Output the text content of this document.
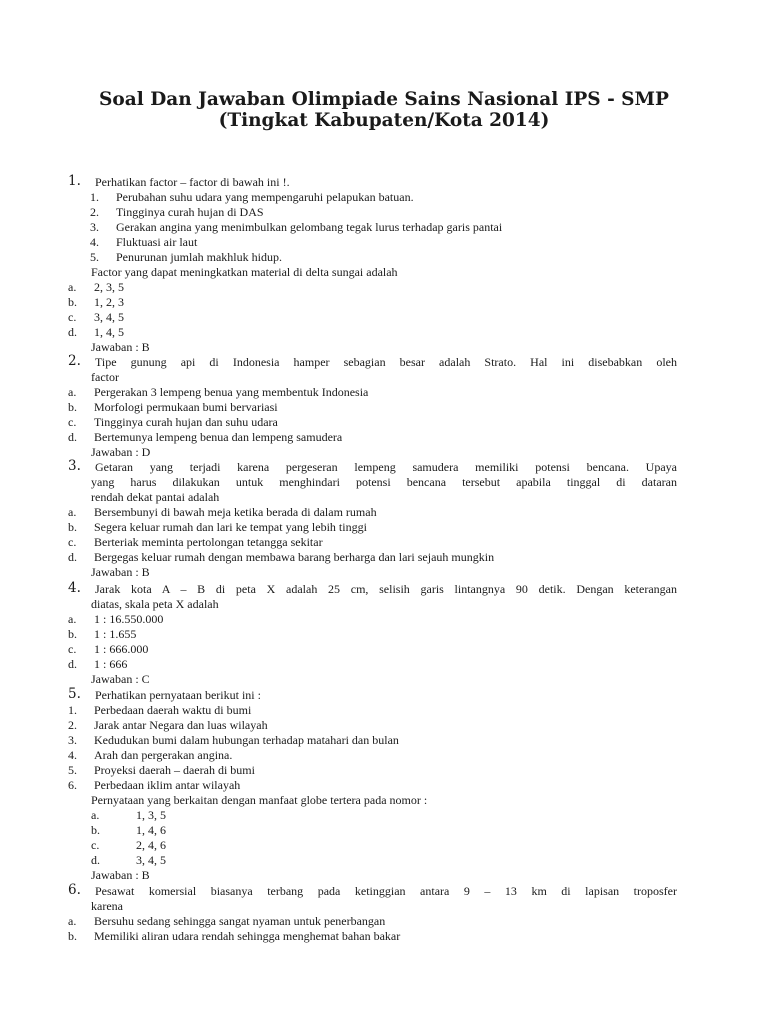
Soal Dan Jawaban Olimpiade Sains Nasional IPS - SMP
(Tingkat Kabupaten/Kota 2014)
1. Perhatikan factor – factor di bawah ini !.
1. Perubahan suhu udara yang mempengaruhi pelapukan batuan.
2. Tingginya curah hujan di DAS
3. Gerakan angina yang menimbulkan gelombang tegak lurus terhadap garis pantai
4. Fluktuasi air laut
5. Penurunan jumlah makhluk hidup.
Factor yang dapat meningkatkan material di delta sungai adalah
a. 2, 3, 5
b. 1, 2, 3
c. 3, 4, 5
d. 1, 4, 5
Jawaban : B
2. Tipe gunung api di Indonesia hamper sebagian besar adalah Strato. Hal ini disebabkan oleh
factor
a. Pergerakan 3 lempeng benua yang membentuk Indonesia
b. Morfologi permukaan bumi bervariasi
c. Tingginya curah hujan dan suhu udara
d. Bertemunya lempeng benua dan lempeng samudera
Jawaban : D
3. Getaran yang terjadi karena pergeseran lempeng samudera memiliki potensi bencana. Upaya
yang harus dilakukan untuk menghindari potensi bencana tersebut apabila tinggal di dataran
rendah dekat pantai adalah
a. Bersembunyi di bawah meja ketika berada di dalam rumah
b. Segera keluar rumah dan lari ke tempat yang lebih tinggi
c. Berteriak meminta pertolongan tetangga sekitar
d. Bergegas keluar rumah dengan membawa barang berharga dan lari sejauh mungkin
Jawaban : B
4. Jarak kota A – B di peta X adalah 25 cm, selisih garis lintangnya 90 detik. Dengan keterangan
diatas, skala peta X adalah
a. 1 : 16.550.000
b. 1 : 1.655
c. 1 : 666.000
d. 1 : 666
Jawaban : C
5. Perhatikan pernyataan berikut ini :
1. Perbedaan daerah waktu di bumi
2. Jarak antar Negara dan luas wilayah
3. Kedudukan bumi dalam hubungan terhadap matahari dan bulan
4. Arah dan pergerakan angina.
5. Proyeksi daerah – daerah di bumi
6. Perbedaan iklim antar wilayah
Pernyataan yang berkaitan dengan manfaat globe tertera pada nomor :
a.	1, 3, 5
b.	1, 4, 6
c.	2, 4, 6
d.	3, 4, 5
Jawaban : B
6. Pesawat komersial biasanya terbang pada ketinggian antara 9 – 13 km di lapisan troposfer
karena
a. Bersuhu sedang sehingga sangat nyaman untuk penerbangan
b. Memiliki aliran udara rendah sehingga menghemat bahan bakar
